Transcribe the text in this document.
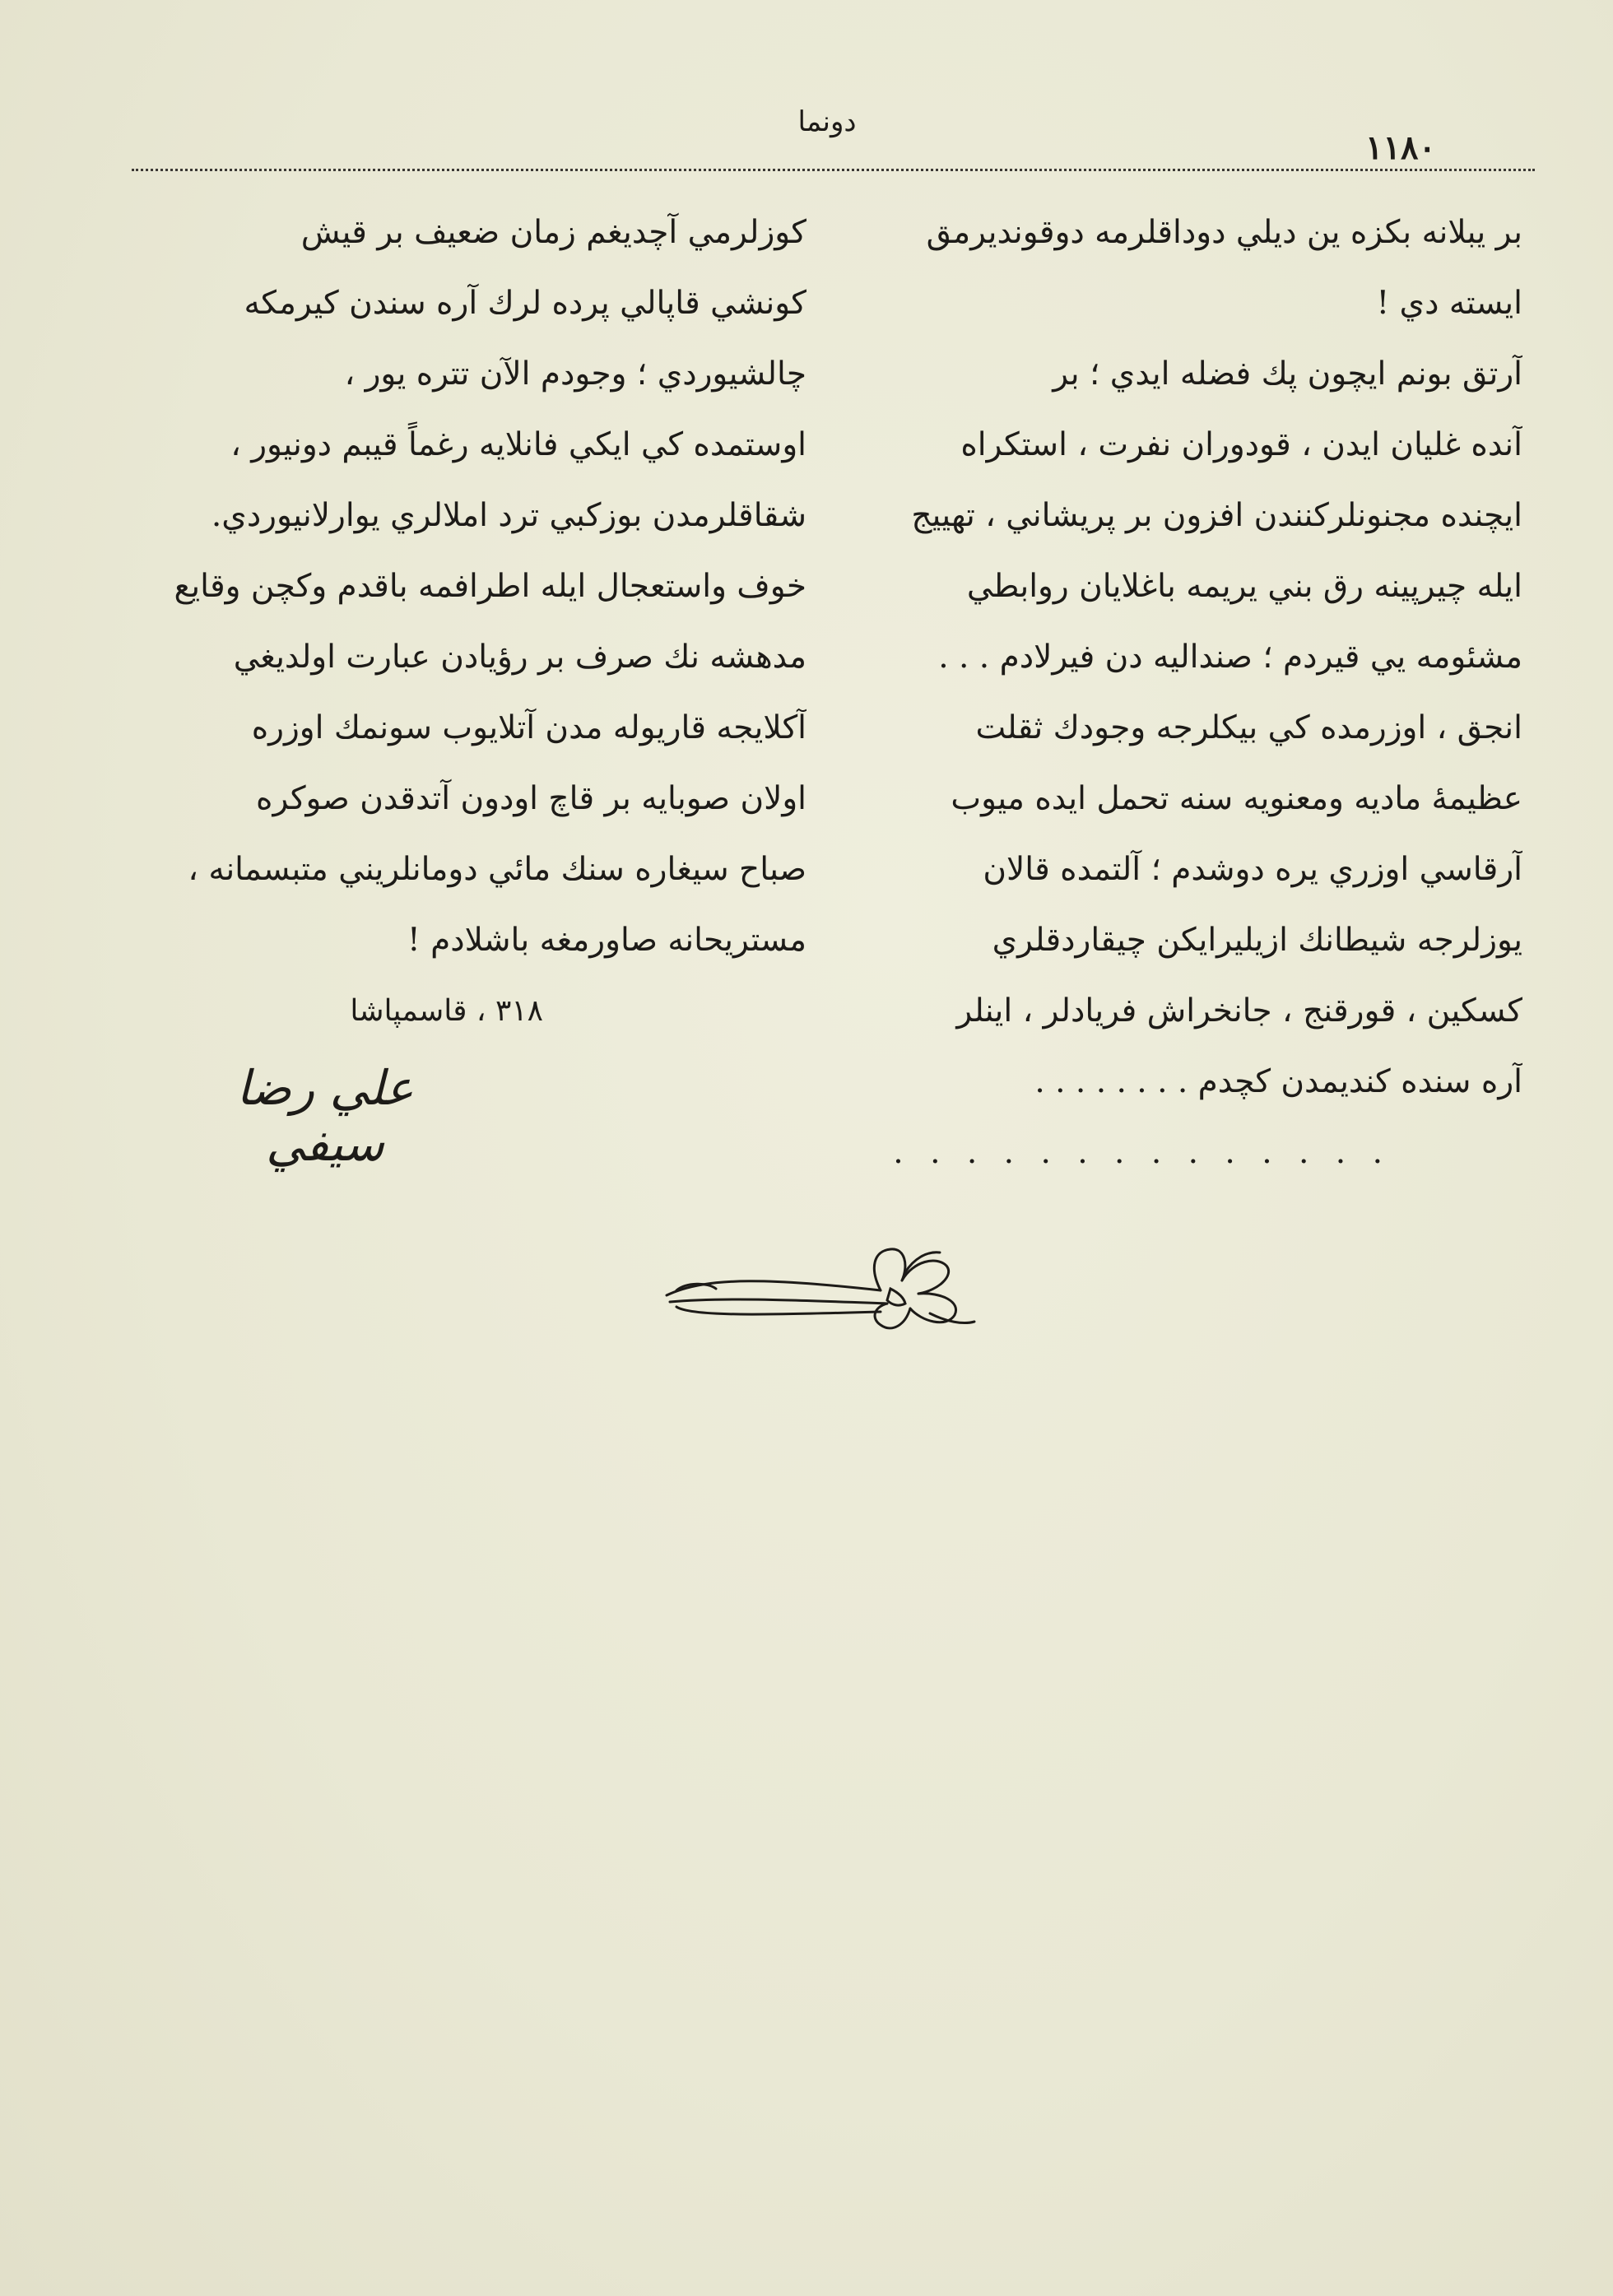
دونما
۱۱۸۰
بر يبلانه بكزه ين ديلي دوداقلرمه دوقونديرمق
ايسته دي !
آرتق بونم ايچون پك فضله ايدي ؛ بر
آنده غليان ايدن ، قودوران نفرت ، استكراه
ايچنده مجنونلركنندن افزون بر پريشاني ، تهييج
ايله چيرپينه رق بني يريمه باغلايان روابطي
مشئومه يي قيردم ؛ صنداليه دن فيرلادم . . .
انجق ، اوزرمده كي بيكلرجه وجودك ثقلت
عظيمهٔ ماديه ومعنويه سنه تحمل ايده ميوب
آرقاسي اوزري يره دوشدم ؛ آلتمده قالان
يوزلرجه شيطانك ازيليرايكن چيقاردقلري
كسكين ، قورقنج ، جانخراش فريادلر ، اينلر
آره سنده كنديمدن كچدم . . . . . . . .
. . . . . . . . . . . . . .
كوزلرمي آچديغم زمان ضعيف بر قيش
كونشي قاپالي پرده لرك آره سندن كيرمكه
چالشيوردي ؛ وجودم الآن تتره يور ،
اوستمده كي ايكي فانلايه رغماً قيبم دونيور ،
شقاقلرمدن بوزكبي ترد املالري يوارلانيوردي.
خوف واستعجال ايله اطرافمه باقدم وكچن وقايع
مدهشه نك صرف بر رؤيادن عبارت اولديغي
آكلايجه قاريوله مدن آتلايوب سونمك اوزره
اولان صوبايه بر قاچ اودون آتدقدن صوكره
صباح سيغاره سنك مائي دومانلريني متبسمانه ،
مستريحانه صاورمغه باشلادم !
۳۱۸ ، قاسمپاشا
علي رضا سيفي
